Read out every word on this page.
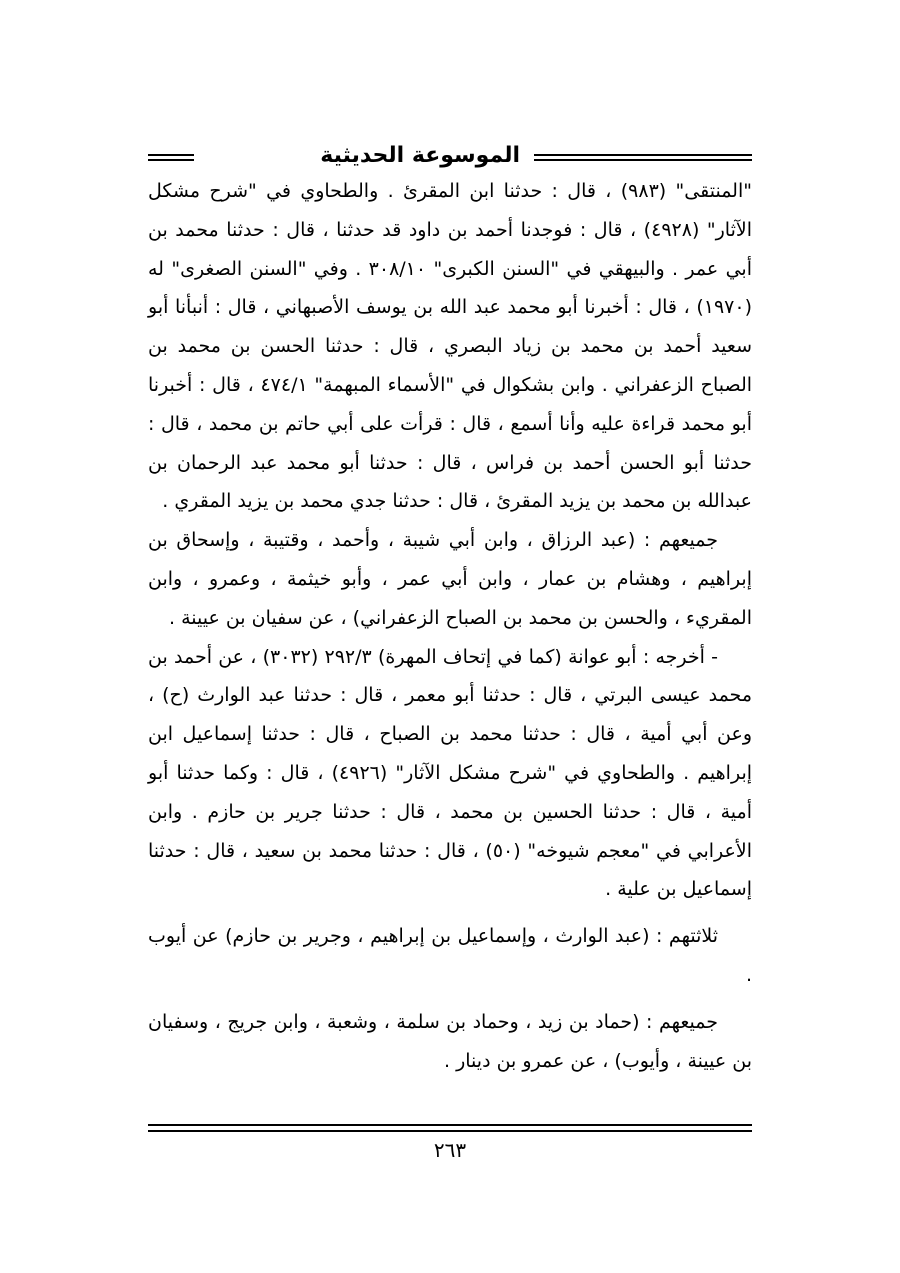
الموسوعة الحديثية

"المنتقى" (٩٨٣) ، قال : حدثنا ابن المقرئ . والطحاوي في "شرح مشكل الآثار" (٤٩٢٨) ، قال : فوجدنا أحمد بن داود قد حدثنا ، قال : حدثنا محمد بن أبي عمر . والبيهقي في "السنن الكبرى" ٣٠٨/١٠ . وفي "السنن الصغرى" له (١٩٧٠) ، قال : أخبرنا أبو محمد عبد الله بن يوسف الأصبهاني ، قال : أنبأنا أبو سعيد أحمد بن محمد بن زياد البصري ، قال : حدثنا الحسن بن محمد بن الصباح الزعفراني . وابن بشكوال في "الأسماء المبهمة" ٤٧٤/١ ، قال : أخبرنا أبو محمد قراءة عليه وأنا أسمع ، قال : قرأت على أبي حاتم بن محمد ، قال : حدثنا أبو الحسن أحمد بن فراس ، قال : حدثنا أبو محمد عبد الرحمان بن عبدالله بن محمد بن يزيد المقرئ ، قال : حدثنا جدي محمد بن يزيد المقري .

جميعهم : (عبد الرزاق ، وابن أبي شيبة ، وأحمد ، وقتيبة ، وإسحاق بن إبراهيم ، وهشام بن عمار ، وابن أبي عمر ، وأبو خيثمة ، وعمرو ، وابن المقريء ، والحسن بن محمد بن الصباح الزعفراني) ، عن سفيان بن عيينة .

- أخرجه : أبو عوانة (كما في إتحاف المهرة) ٢٩٢/٣ (٣٠٣٢) ، عن أحمد بن محمد عيسى البرتي ، قال : حدثنا أبو معمر ، قال : حدثنا عبد الوارث (ح) ، وعن أبي أمية ، قال : حدثنا محمد بن الصباح ، قال : حدثنا إسماعيل ابن إبراهيم . والطحاوي في "شرح مشكل الآثار" (٤٩٢٦) ، قال : وكما حدثنا أبو أمية ، قال : حدثنا الحسين بن محمد ، قال : حدثنا جرير بن حازم . وابن الأعرابي في "معجم شيوخه" (٥٠) ، قال : حدثنا محمد بن سعيد ، قال : حدثنا إسماعيل بن علية .

ثلاثتهم : (عبد الوارث ، وإسماعيل بن إبراهيم ، وجرير بن حازم) عن أيوب .

جميعهم : (حماد بن زيد ، وحماد بن سلمة ، وشعبة ، وابن جريج ، وسفيان بن عيينة ، وأيوب) ، عن عمرو بن دينار .

٢٦٣
